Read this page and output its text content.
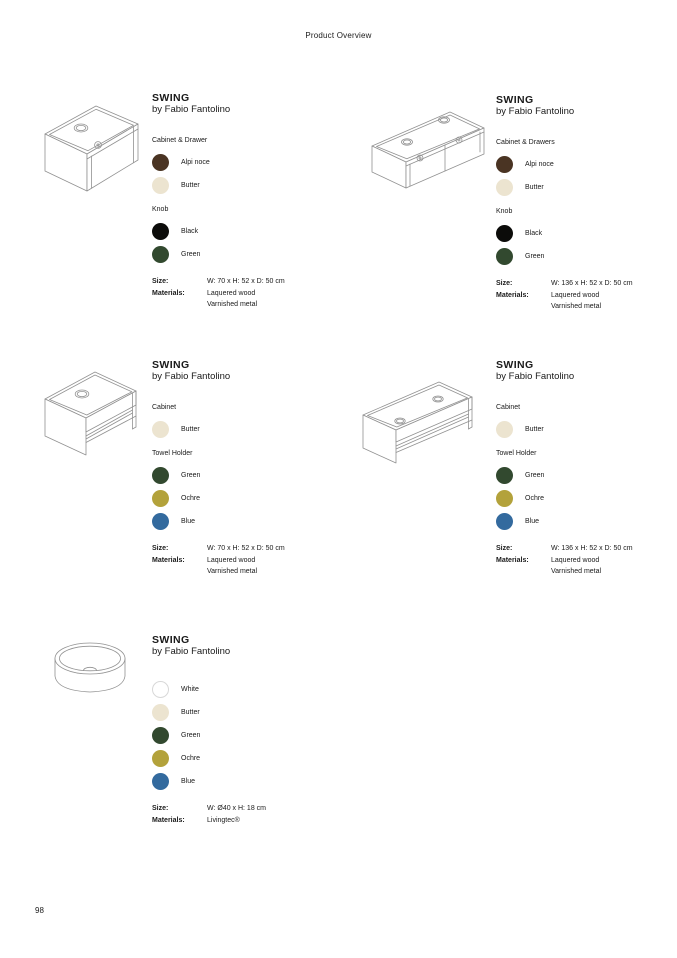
Product Overview
SWING
by Fabio Fantolino
Cabinet & Drawer
Alpi noce
Butter
Knob
Black
Green
Size:	W: 70 x H: 52 x D: 50 cm
Materials:	Laquered wood
Varnished metal
SWING
by Fabio Fantolino
Cabinet & Drawers
Alpi noce
Butter
Knob
Black
Green
Size:	W: 136 x H: 52 x D: 50 cm
Materials:	Laquered wood
Varnished metal
SWING
by Fabio Fantolino
Cabinet
Butter
Towel Holder
Green
Ochre
Blue
Size:	W: 70 x H: 52 x D: 50 cm
Materials:	Laquered wood
Varnished metal
SWING
by Fabio Fantolino
Cabinet
Butter
Towel Holder
Green
Ochre
Blue
Size:	W: 136 x H: 52 x D: 50 cm
Materials:	Laquered wood
Varnished metal
SWING
by Fabio Fantolino
White
Butter
Green
Ochre
Blue
Size:	W: Ø40 x H: 18 cm
Materials:	Livingtec®
98
